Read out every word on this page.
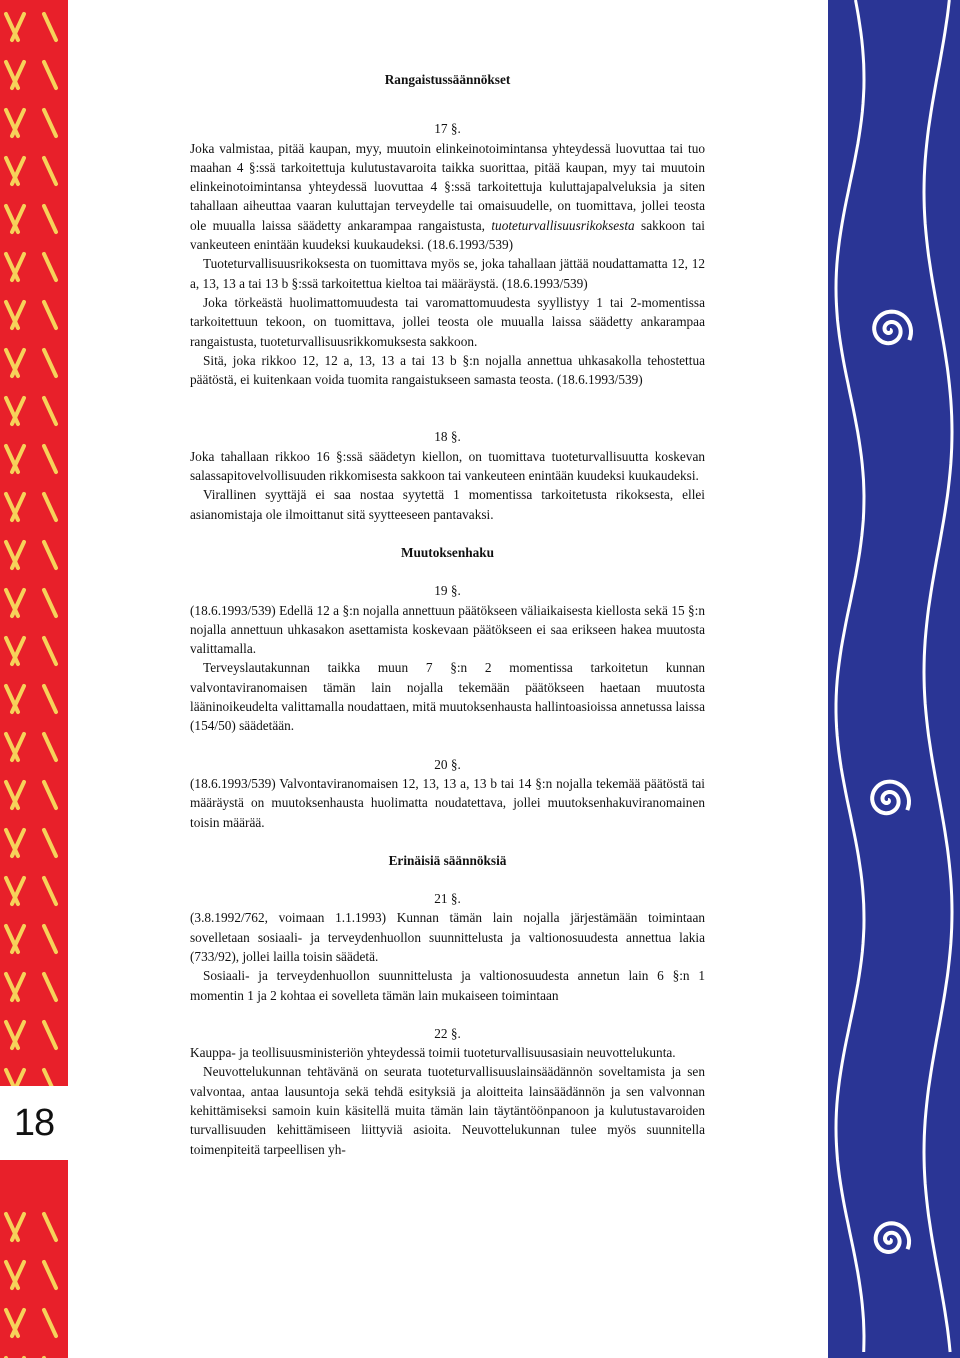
18
Rangaistussäännökset
17 §.

Joka valmistaa, pitää kaupan, myy, muutoin elinkeinotoimintansa yhteydessä luovuttaa tai tuo maahan 4 §:ssä tarkoitettuja kulutustavaroita taikka suorittaa, pitää kaupan, myy tai muutoin elinkeinotoimintansa yhteydessä luovuttaa 4 §:ssä tarkoitettuja kuluttajapalveluksia ja siten tahallaan aiheuttaa vaaran kuluttajan terveydelle tai omaisuudelle, on tuomittava, jollei teosta ole muualla laissa säädetty ankarampaa rangaistusta, tuoteturvallisuusrikoksesta sakkoon tai vankeuteen enintään kuudeksi kuukaudeksi. (18.6.1993/539)

Tuoteturvallisuusrikoksesta on tuomittava myös se, joka tahallaan jättää noudattamatta 12, 12 a, 13, 13 a tai 13 b §:ssä tarkoitettua kieltoa tai määräystä. (18.6.1993/539)

Joka törkeästä huolimattomuudesta tai varomattomuudesta syyllistyy 1 tai 2-momentissa tarkoitettuun tekoon, on tuomittava, jollei teosta ole muualla laissa säädetty ankarampaa rangaistusta, tuoteturvallisuusrikkomuksesta sakkoon.

Sitä, joka rikkoo 12, 12 a, 13, 13 a tai 13 b §:n nojalla annettua uhkasakolla tehostettua päätöstä, ei kuitenkaan voida tuomita rangaistukseen samasta teosta. (18.6.1993/539)

18 §.

Joka tahallaan rikkoo 16 §:ssä säädetyn kiellon, on tuomittava tuoteturvallisuutta koskevan salassapitovelvollisuuden rikkomisesta sakkoon tai vankeuteen enintään kuudeksi kuukaudeksi.

Virallinen syyttäjä ei saa nostaa syytettä 1 momentissa tarkoitetusta rikoksesta, ellei asianomistaja ole ilmoittanut sitä syytteeseen pantavaksi.

Muutoksenhaku
19 §.

(18.6.1993/539) Edellä 12 a §:n nojalla annettuun päätökseen väliaikaisesta kiellosta sekä 15 §:n nojalla annettuun uhkasakon asettamista koskevaan päätökseen ei saa erikseen hakea muutosta valittamalla.

Terveyslautakunnan taikka muun 7 §:n 2 momentissa tarkoitetun kunnan valvontaviranomaisen tämän lain nojalla tekemään päätökseen haetaan muutosta lääninoikeudelta valittamalla noudattaen, mitä muutoksenhausta hallintoasioissa annetussa laissa (154/50) säädetään.

20 §.

(18.6.1993/539) Valvontaviranomaisen 12, 13, 13 a, 13 b tai 14 §:n nojalla tekemää päätöstä tai määräystä on muutoksenhausta huolimatta noudatettava, jollei muutoksenhakuviranomainen toisin määrää.

Erinäisiä säännöksiä
21 §.

(3.8.1992/762, voimaan 1.1.1993) Kunnan tämän lain nojalla järjestämään toimintaan sovelletaan sosiaali- ja terveydenhuollon suunnittelusta ja valtionosuudesta annettua lakia (733/92), jollei lailla toisin säädetä.

Sosiaali- ja terveydenhuollon suunnittelusta ja valtionosuudesta annetun lain 6 §:n 1 momentin 1 ja 2 kohtaa ei sovelleta tämän lain mukaiseen toimintaan

22 §.

Kauppa- ja teollisuusministeriön yhteydessä toimii tuoteturvallisuusasiain neuvottelukunta.

Neuvottelukunnan tehtävänä on seurata tuoteturvallisuuslainsäädännön soveltamista ja sen valvontaa, antaa lausuntoja sekä tehdä esityksiä ja aloitteita lainsäädännön ja sen valvonnan kehittämiseksi samoin kuin käsitellä muita tämän lain täytäntöönpanoon ja kulutustavaroiden turvallisuuden kehittämiseen liittyviä asioita. Neuvottelukunnan tulee myös suunnitella toimenpiteitä tarpeellisen yh-
